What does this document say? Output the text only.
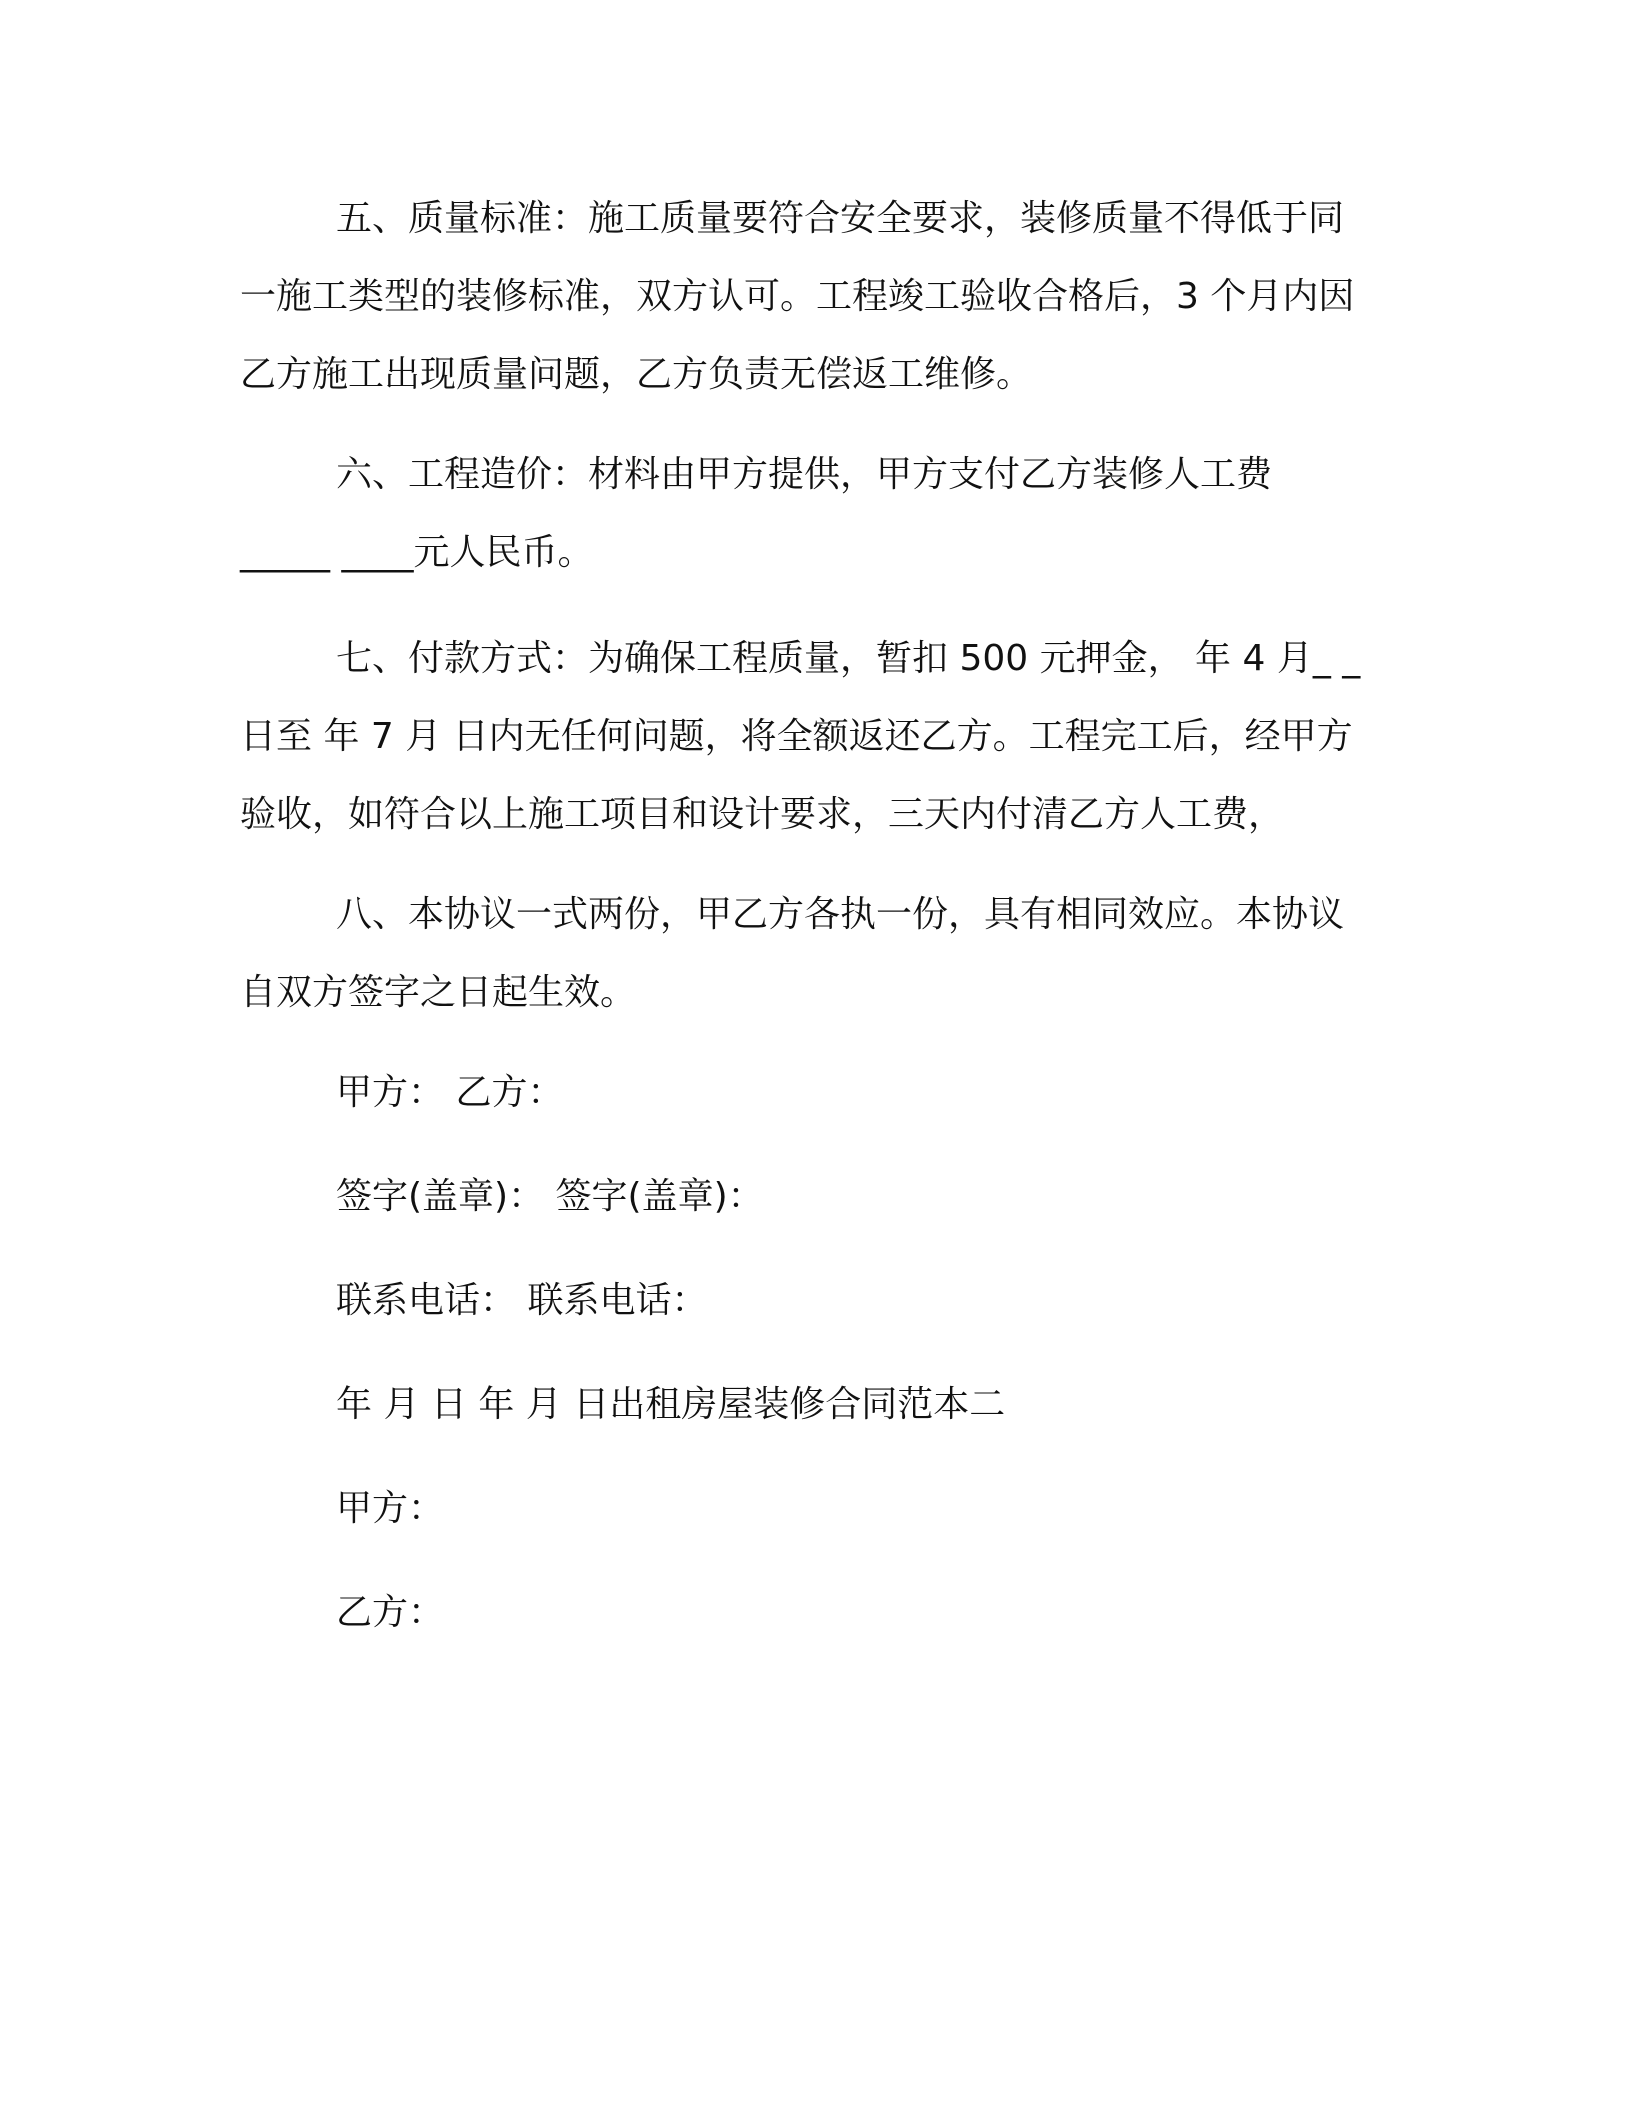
五、质量标准：施工质量要符合安全要求，装修质量不得低于同
一施工类型的装修标准，双方认可。工程竣工验收合格后，3 个月内因
乙方施工出现质量问题，乙方负责无偿返工维修。
六、工程造价：材料由甲方提供，甲方支付乙方装修人工费
_____ ____元人民币。
七、付款方式：为确保工程质量，暂扣 500 元押金， 年 4 月_ _
日至 年 7 月 日内无任何问题，将全额返还乙方。工程完工后，经甲方
验收，如符合以上施工项目和设计要求，三天内付清乙方人工费，
八、本协议一式两份，甲乙方各执一份，具有相同效应。本协议
自双方签字之日起生效。
甲方： 乙方：
签字(盖章)： 签字(盖章)：
联系电话： 联系电话：
年 月 日 年 月 日出租房屋装修合同范本二
甲方：
乙方：
